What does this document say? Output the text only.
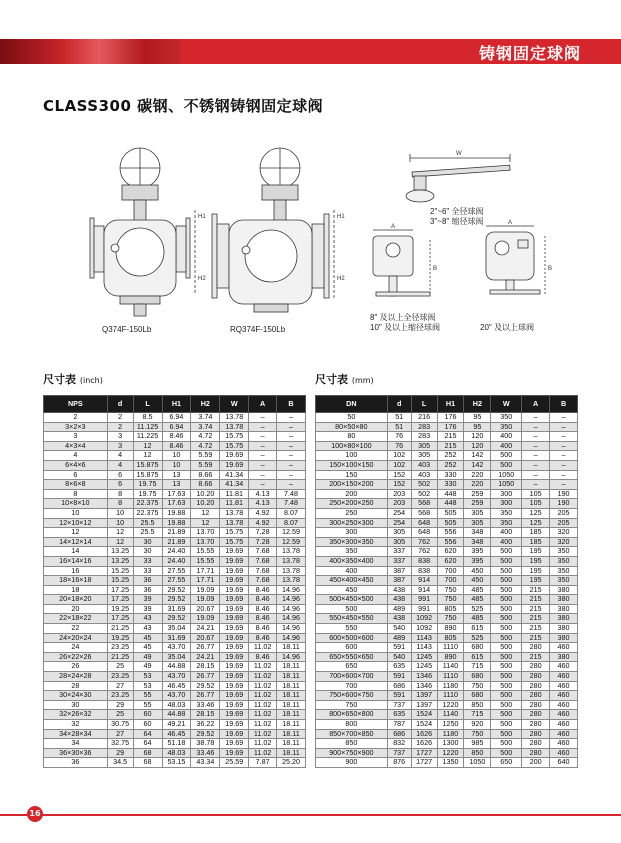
铸钢固定球阀
CLASS300 碳钢、不锈钢铸钢固定球阀
H1
H2
Q374F-150Lb
H1
H2
RQ374F-150Lb
W
2"~6" 全径球阀
3"~8" 缩径球阀
A
B
A
B
8" 及以上全径球阀
10" 及以上缩径球阀	20" 及以上球阀
尺寸表 (inch)	尺寸表 (mm)
NPS	d	L	H1	H2	W	A	B
2	2	8.5	6.94	3.74	13.78	–	–
3×2×3	2	11.125	6.94	3.74	13.78	–	–
3	3	11.225	8.46	4.72	15.75	–	–
4×3×4	3	12	8.46	4.72	15.75	–	–
4	4	12	10	5.59	19.69	–	–
6×4×6	4	15.875	10	5.59	19.69	–	–
6	6	15.875	13	8.66	41.34	–	–
8×6×8	6	19.75	13	8.66	41.34	–	–
8	8	19.75	17.63	10.20	11.81	4.13	7.48
10×8×10	8	22.375	17.63	10.20	11.81	4.13	7.48
10	10	22.375	19.88	12	13.78	4.92	8.07
12×10×12	10	25.5	19.88	12	13.78	4.92	8.07
12	12	25.5	21.89	13.70	15.75	7.28	12.59
14×12×14	12	30	21.89	13.70	15.75	7.28	12.59
14	13.25	30	24.40	15.55	19.69	7.68	13.78
16×14×16	13.25	33	24.40	15.55	19.69	7.68	13.78
16	15.25	33	27.55	17.71	19.69	7.68	13.78
18×16×18	15.25	36	27.55	17.71	19.69	7.68	13.78
18	17.25	36	29.52	19.09	19.69	8.46	14.96
20×18×20	17.25	39	29.52	19.09	19.69	8.46	14.96
20	19.25	39	31.69	20.67	19.69	8.46	14.96
22×18×22	17.25	43	29.52	19.09	19.69	8.46	14.96
22	21.25	43	35.04	24.21	19.69	8.46	14.96
24×20×24	19.25	45	31.69	20.67	19.69	8.46	14.96
24	23.25	45	43.70	26.77	19.69	11.02	18.11
26×22×26	21.25	49	35.04	24.21	19.69	8.46	14.96
26	25	49	44.88	28.15	19.69	11.02	18.11
28×24×28	23.25	53	43.70	26.77	19.69	11.02	18.11
28	27	53	46.45	29.52	19.69	11.02	18.11
30×24×30	23.25	55	43.70	26.77	19.69	11.02	18.11
30	29	55	48.03	33.46	19.69	11.02	18.11
32×26×32	25	60	44.88	28.15	19.69	11.02	18.11
32	30.75	60	49.21	36.22	19.69	11.02	18.11
34×28×34	27	64	46.45	29.52	19.69	11.02	18.11
34	32.75	64	51.18	38.78	19.69	11.02	18.11
36×30×36	29	68	48.03	33.46	19.69	11.02	18.11
36	34.5	68	53.15	43.34	25.59	7.87	25.20
DN	d	L	H1	H2	W	A	B
50	51	216	176	95	350	–	–
80×50×80	51	283	176	95	350	–	–
80	76	283	215	120	400	–	–
100×80×100	76	305	215	120	400	–	–
100	102	305	252	142	500	–	–
150×100×150	102	403	252	142	500	–	–
150	152	403	330	220	1050	–	–
200×150×200	152	502	330	220	1050	–	–
200	203	502	448	259	300	105	190
250×200×250	203	568	448	259	300	105	190
250	254	568	505	305	350	125	205
300×250×300	254	648	505	305	350	125	205
300	305	648	556	348	400	185	320
350×300×350	305	762	556	348	400	185	320
350	337	762	620	395	500	195	350
400×350×400	337	838	620	395	500	195	350
400	387	838	700	450	500	195	350
450×400×450	387	914	700	450	500	195	350
450	438	914	750	485	500	215	380
500×450×500	438	991	750	485	500	215	380
500	489	991	805	525	500	215	380
550×450×550	438	1092	750	485	500	215	380
550	540	1092	890	615	500	215	380
600×500×600	489	1143	805	525	500	215	380
600	591	1143	1110	680	500	280	460
650×550×650	540	1245	890	615	500	215	380
650	635	1245	1140	715	500	280	460
700×600×700	591	1346	1110	680	500	280	460
700	686	1346	1180	750	500	280	460
750×600×750	591	1397	1110	680	500	280	460
750	737	1397	1220	850	500	280	460
800×650×800	635	1524	1140	715	500	280	460
800	787	1524	1250	920	500	280	460
850×700×850	686	1626	1180	750	500	280	460
850	832	1626	1300	985	500	280	460
900×750×900	737	1727	1220	850	500	280	460
900	876	1727	1350	1050	650	200	640
16
